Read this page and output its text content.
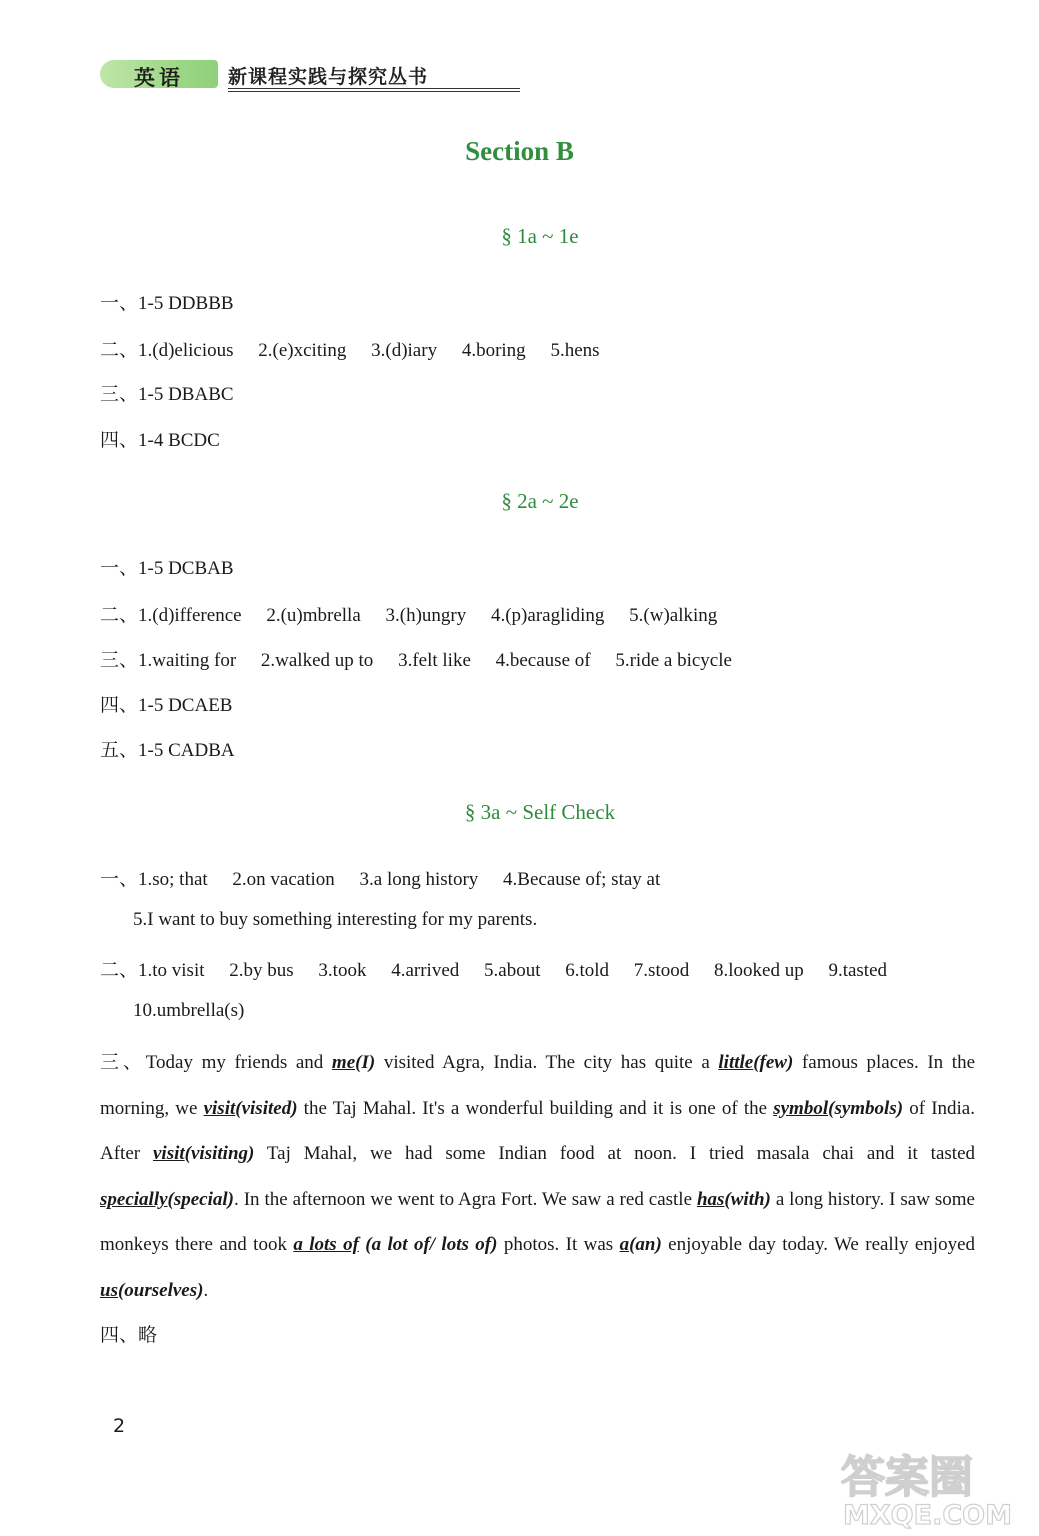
英语 新课程实践与探究丛书
Section B
§ 1a ~ 1e
一、1-5 DDBBB
二、1.(d)elicious 2.(e)xciting 3.(d)iary 4.boring 5.hens
三、1-5 DBABC
四、1-4 BCDC
§ 2a ~ 2e
一、1-5 DCBAB
二、1.(d)ifference 2.(u)mbrella 3.(h)ungry 4.(p)aragliding 5.(w)alking
三、1.waiting for 2.walked up to 3.felt like 4.because of 5.ride a bicycle
四、1-5 DCAEB
五、1-5 CADBA
§ 3a ~ Self Check
一、1.so; that 2.on vacation 3.a long history 4.Because of; stay at
5.I want to buy something interesting for my parents.
二、1.to visit 2.by bus 3.took 4.arrived 5.about 6.told 7.stood 8.looked up 9.tasted
10.umbrella(s)
三、Today my friends and me(I) visited Agra, India. The city has quite a little(few) famous places. In the morning, we visit(visited) the Taj Mahal. It's a wonderful building and it is one of the symbol(symbols) of India. After visit(visiting) Taj Mahal, we had some Indian food at noon. I tried masala chai and it tasted specially(special). In the afternoon we went to Agra Fort. We saw a red castle has(with) a long history. I saw some monkeys there and took a lots of (a lot of/ lots of) photos. It was a(an) enjoyable day today. We really enjoyed us(ourselves).
四、略
2
答案圈
MXQE.COM
